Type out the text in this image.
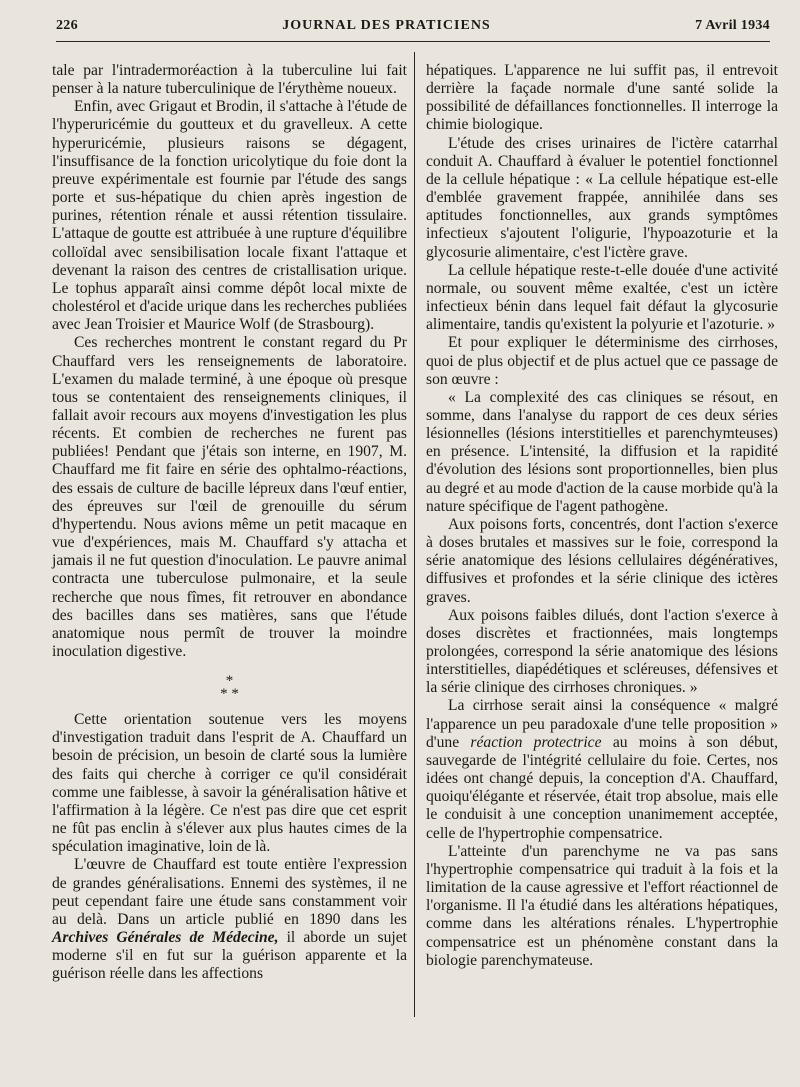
226	JOURNAL DES PRATICIENS	7 Avril 1934

tale par l'intradermoréaction à la tuberculine lui fait penser à la nature tuberculinique de l'érythème noueux.

Enfin, avec Grigaut et Brodin, il s'attache à l'étude de l'hyperuricémie du goutteux et du gravelleux. A cette hyperuricémie, plusieurs raisons se dégagent, l'insuffisance de la fonction uricolytique du foie dont la preuve expérimentale est fournie par l'étude des sangs porte et sus-hépatique du chien après ingestion de purines, rétention rénale et aussi rétention tissulaire. L'attaque de goutte est attribuée à une rupture d'équilibre colloïdal avec sensibilisation locale fixant l'attaque et devenant la raison des centres de cristallisation urique. Le tophus apparaît ainsi comme dépôt local mixte de cholestérol et d'acide urique dans les recherches publiées avec Jean Troisier et Maurice Wolf (de Strasbourg).

Ces recherches montrent le constant regard du Pr Chauffard vers les renseignements de laboratoire. L'examen du malade terminé, à une époque où presque tous se contentaient des renseignements cliniques, il fallait avoir recours aux moyens d'investigation les plus récents. Et combien de recherches ne furent pas publiées! Pendant que j'étais son interne, en 1907, M. Chauffard me fit faire en série des ophtalmo-réactions, des essais de culture de bacille lépreux dans l'œuf entier, des épreuves sur l'œil de grenouille du sérum d'hypertendu. Nous avions même un petit macaque en vue d'expériences, mais M. Chauffard s'y attacha et jamais il ne fut question d'inoculation. Le pauvre animal contracta une tuberculose pulmonaire, et la seule recherche que nous fîmes, fit retrouver en abondance des bacilles dans ses matières, sans que l'étude anatomique nous permît de trouver la moindre inoculation digestive.

*
* *

Cette orientation soutenue vers les moyens d'investigation traduit dans l'esprit de A. Chauffard un besoin de précision, un besoin de clarté sous la lumière des faits qui cherche à corriger ce qu'il considérait comme une faiblesse, à savoir la généralisation hâtive et l'affirmation à la légère. Ce n'est pas dire que cet esprit ne fût pas enclin à s'élever aux plus hautes cimes de la spéculation imaginative, loin de là.

L'œuvre de Chauffard est toute entière l'expression de grandes généralisations. Ennemi des systèmes, il ne peut cependant faire une étude sans constamment voir au delà. Dans un article publié en 1890 dans les Archives Générales de Médecine, il aborde un sujet moderne s'il en fut sur la guérison apparente et la guérison réelle dans les affections

hépatiques. L'apparence ne lui suffit pas, il entrevoit derrière la façade normale d'une santé solide la possibilité de défaillances fonctionnelles. Il interroge la chimie biologique.

L'étude des crises urinaires de l'ictère catarrhal conduit A. Chauffard à évaluer le potentiel fonctionnel de la cellule hépatique : « La cellule hépatique est-elle d'emblée gravement frappée, annihilée dans ses aptitudes fonctionnelles, aux grands symptômes infectieux s'ajoutent l'oligurie, l'hypoazoturie et la glycosurie alimentaire, c'est l'ictère grave.

La cellule hépatique reste-t-elle douée d'une activité normale, ou souvent même exaltée, c'est un ictère infectieux bénin dans lequel fait défaut la glycosurie alimentaire, tandis qu'existent la polyurie et l'azoturie. »

Et pour expliquer le déterminisme des cirrhoses, quoi de plus objectif et de plus actuel que ce passage de son œuvre :

« La complexité des cas cliniques se résout, en somme, dans l'analyse du rapport de ces deux séries lésionnelles (lésions interstitielles et parenchymteuses) en présence. L'intensité, la diffusion et la rapidité d'évolution des lésions sont proportionnelles, bien plus au degré et au mode d'action de la cause morbide qu'à la nature spécifique de l'agent pathogène.

Aux poisons forts, concentrés, dont l'action s'exerce à doses brutales et massives sur le foie, correspond la série anatomique des lésions cellulaires dégénératives, diffusives et profondes et la série clinique des ictères graves.

Aux poisons faibles dilués, dont l'action s'exerce à doses discrètes et fractionnées, mais longtemps prolongées, correspond la série anatomique des lésions interstitielles, diapédétiques et scléreuses, défensives et la série clinique des cirrhoses chroniques. »

La cirrhose serait ainsi la conséquence « malgré l'apparence un peu paradoxale d'une telle proposition » d'une réaction protectrice au moins à son début, sauvegarde de l'intégrité cellulaire du foie. Certes, nos idées ont changé depuis, la conception d'A. Chauffard, quoiqu'élégante et réservée, était trop absolue, mais elle le conduisit à une conception unanimement acceptée, celle de l'hypertrophie compensatrice.

L'atteinte d'un parenchyme ne va pas sans l'hypertrophie compensatrice qui traduit à la fois et la limitation de la cause agressive et l'effort réactionnel de l'organisme. Il l'a étudié dans les altérations hépatiques, comme dans les altérations rénales. L'hypertrophie compensatrice est un phénomène constant dans la biologie parenchymateuse.
